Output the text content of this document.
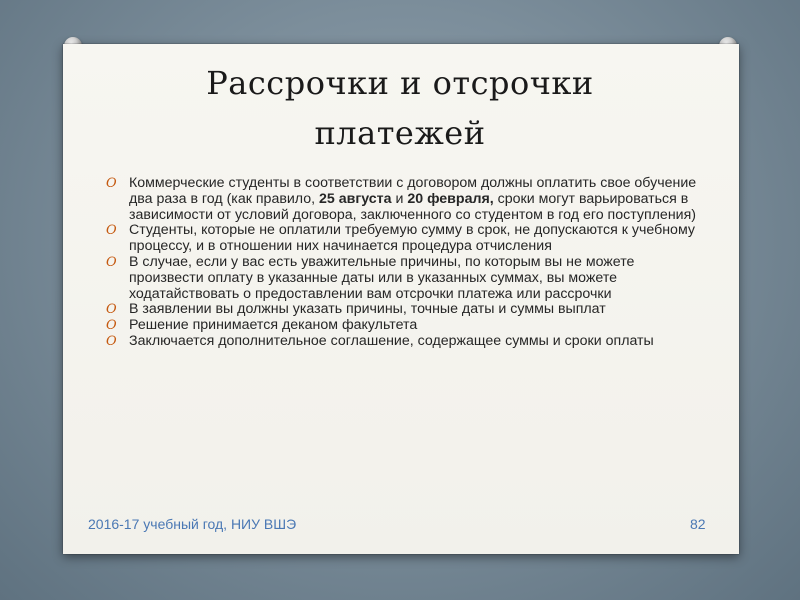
Рассрочки и отсрочки
платежей
O Коммерческие студенты в соответствии с договором должны оплатить свое обучение два раза в год (как правило, 25 августа и 20 февраля, сроки могут варьироваться в зависимости от условий договора, заключенного со студентом в год его поступления)
O Студенты, которые не оплатили требуемую сумму в срок, не допускаются к учебному процессу, и в отношении них начинается процедура отчисления
O В случае, если у вас есть уважительные причины, по которым вы не можете произвести оплату в указанные даты или в указанных суммах, вы можете ходатайствовать о предоставлении вам отсрочки платежа или рассрочки
O В заявлении вы должны указать причины, точные даты и суммы выплат
O Решение принимается деканом факультета
O Заключается дополнительное соглашение, содержащее суммы и сроки оплаты
2016-17 учебный год, НИУ ВШЭ	82
